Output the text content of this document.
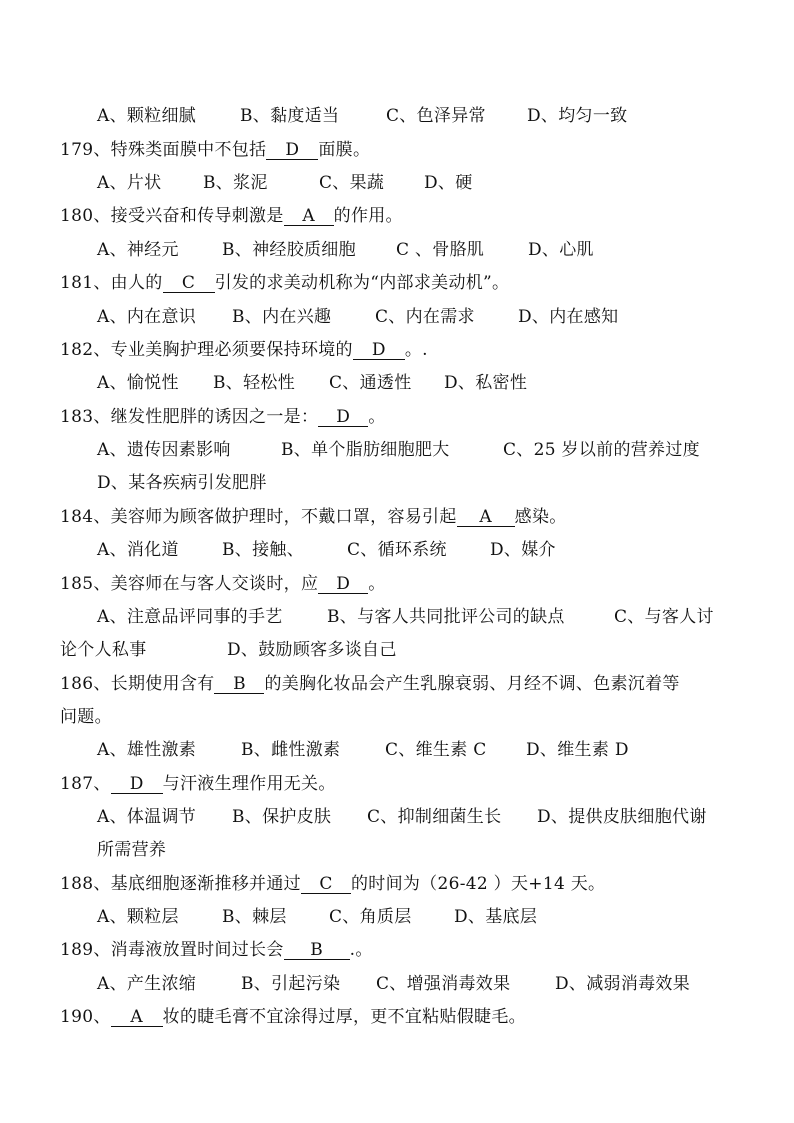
A、颗粒细腻	B、黏度适当	C、色泽异常 D、均匀一致
179、特殊类面膜中不包括 D 面膜。
A、片状 B、浆泥	C、果蔬 D、硬
180、接受兴奋和传导刺激是 A 的作用。
A、神经元	B、神经胶质细胞 C 、骨胳肌	D、心肌
181、由人的 C 引发的求美动机称为“内部求美动机”。
A、内在意识 B、内在兴趣	C、内在需求	D、内在感知
182、专业美胸护理必须要保持环境的 D 。.
A、愉悦性 B、轻松性 C、通透性 D、私密性
183、继发性肥胖的诱因之一是： D 。
A、遗传因素影响	B、单个脂肪细胞肥大	C、25 岁以前的营养过度
D、某各疾病引发肥胖
184、美容师为顾客做护理时，不戴口罩，容易引起 A 感染。
A、消化道	B、接触、	C、循环系统	D、媒介
185、美容师在与客人交谈时，应 D 。
A、注意品评同事的手艺	B、与客人共同批评公司的缺点	C、与客人讨
论个人私事	D、鼓励顾客多谈自己
186、长期使用含有 B 的美胸化妆品会产生乳腺衰弱、月经不调、色素沉着等
问题。
A、雄性激素	B、雌性激素	C、维生素 C D、维生素 D
187、 D 与汗液生理作用无关。
A、体温调节 B、保护皮肤 C、抑制细菌生长 D、提供皮肤细胞代谢
所需营养
188、基底细胞逐渐推移并通过 C 的时间为（26-42 ）天+14 天。
A、颗粒层	B、棘层 C、角质层 D、基底层
189、消毒液放置时间过长会 B .。
A、产生浓缩	B、引起污染 C、增强消毒效果	D、减弱消毒效果
190、 A 妆的睫毛膏不宜涂得过厚，更不宜粘贴假睫毛。
